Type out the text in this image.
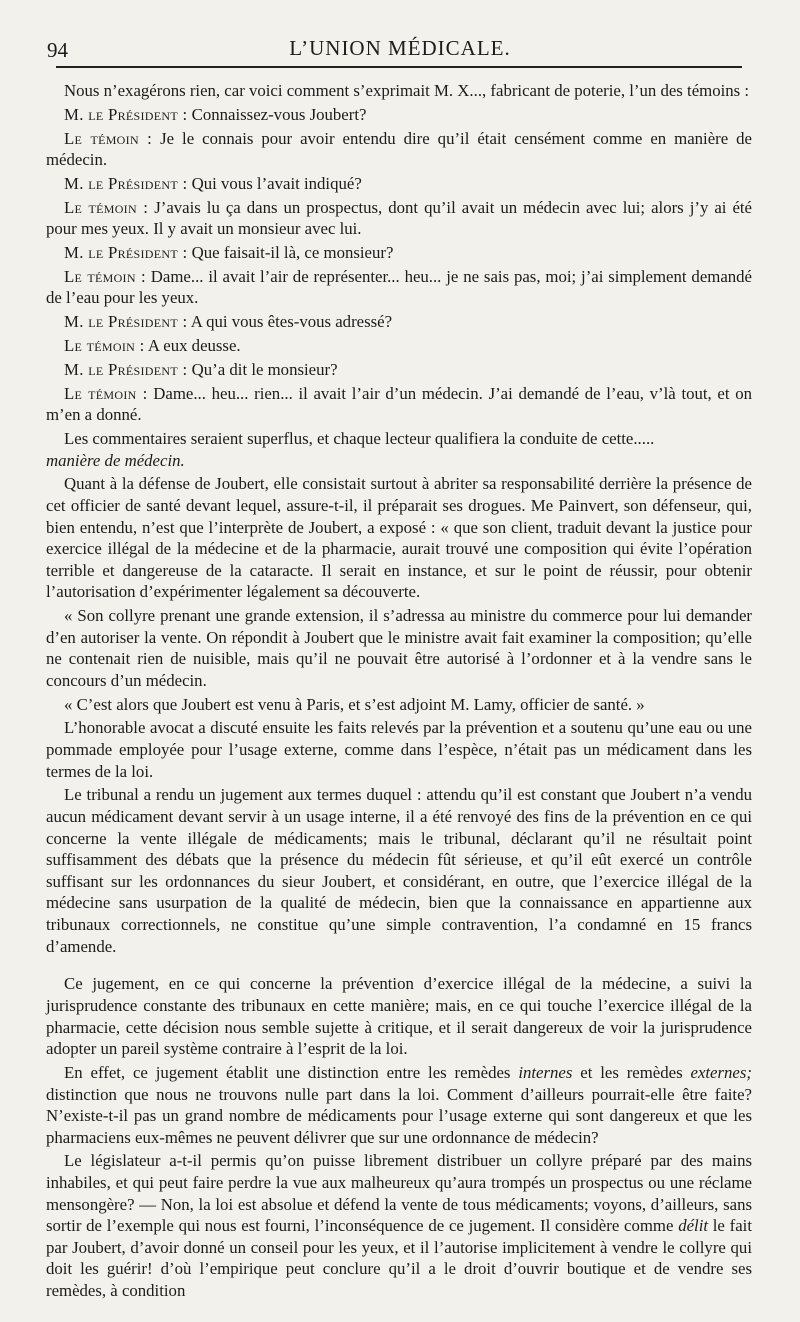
94	L’UNION MÉDICALE.

Nous n’exagérons rien, car voici comment s’exprimait M. X..., fabricant de poterie, l’un des témoins :

M. le Président : Connaissez-vous Joubert?

Le témoin : Je le connais pour avoir entendu dire qu’il était censément comme en manière de médecin.

M. le Président : Qui vous l’avait indiqué?

Le témoin : J’avais lu ça dans un prospectus, dont qu’il avait un médecin avec lui; alors j’y ai été pour mes yeux. Il y avait un monsieur avec lui.

M. le Président : Que faisait-il là, ce monsieur?

Le témoin : Dame... il avait l’air de représenter... heu... je ne sais pas, moi; j’ai simplement demandé de l’eau pour les yeux.

M. le Président : A qui vous êtes-vous adressé?

Le témoin : A eux deusse.

M. le Président : Qu’a dit le monsieur?

Le témoin : Dame... heu... rien... il avait l’air d’un médecin. J’ai demandé de l’eau, v’là tout, et on m’en a donné.

Les commentaires seraient superflus, et chaque lecteur qualifiera la conduite de cette.....
manière de médecin.

Quant à la défense de Joubert, elle consistait surtout à abriter sa responsabilité derrière la présence de cet officier de santé devant lequel, assure-t-il, il préparait ses drogues. Me Painvert, son défenseur, qui, bien entendu, n’est que l’interprète de Joubert, a exposé : « que son client, traduit devant la justice pour exercice illégal de la médecine et de la pharmacie, aurait trouvé une composition qui évite l’opération terrible et dangereuse de la cataracte. Il serait en instance, et sur le point de réussir, pour obtenir l’autorisation d’expérimenter légalement sa découverte.

« Son collyre prenant une grande extension, il s’adressa au ministre du commerce pour lui demander d’en autoriser la vente. On répondit à Joubert que le ministre avait fait examiner la composition; qu’elle ne contenait rien de nuisible, mais qu’il ne pouvait être autorisé à l’ordonner et à la vendre sans le concours d’un médecin.

« C’est alors que Joubert est venu à Paris, et s’est adjoint M. Lamy, officier de santé. »

L’honorable avocat a discuté ensuite les faits relevés par la prévention et a soutenu qu’une eau ou une pommade employée pour l’usage externe, comme dans l’espèce, n’était pas un médicament dans les termes de la loi.

Le tribunal a rendu un jugement aux termes duquel : attendu qu’il est constant que Joubert n’a vendu aucun médicament devant servir à un usage interne, il a été renvoyé des fins de la prévention en ce qui concerne la vente illégale de médicaments; mais le tribunal, déclarant qu’il ne résultait point suffisamment des débats que la présence du médecin fût sérieuse, et qu’il eût exercé un contrôle suffisant sur les ordonnances du sieur Joubert, et considérant, en outre, que l’exercice illégal de la médecine sans usurpation de la qualité de médecin, bien que la connaissance en appartienne aux tribunaux correctionnels, ne constitue qu’une simple contravention, l’a condamné en 15 francs d’amende.

Ce jugement, en ce qui concerne la prévention d’exercice illégal de la médecine, a suivi la jurisprudence constante des tribunaux en cette manière; mais, en ce qui touche l’exercice illégal de la pharmacie, cette décision nous semble sujette à critique, et il serait dangereux de voir la jurisprudence adopter un pareil système contraire à l’esprit de la loi.

En effet, ce jugement établit une distinction entre les remèdes internes et les remèdes externes; distinction que nous ne trouvons nulle part dans la loi. Comment d’ailleurs pourrait-elle être faite? N’existe-t-il pas un grand nombre de médicaments pour l’usage externe qui sont dangereux et que les pharmaciens eux-mêmes ne peuvent délivrer que sur une ordonnance de médecin?

Le législateur a-t-il permis qu’on puisse librement distribuer un collyre préparé par des mains inhabiles, et qui peut faire perdre la vue aux malheureux qu’aura trompés un prospectus ou une réclame mensongère? — Non, la loi est absolue et défend la vente de tous médicaments; voyons, d’ailleurs, sans sortir de l’exemple qui nous est fourni, l’inconséquence de ce jugement. Il considère comme délit le fait par Joubert, d’avoir donné un conseil pour les yeux, et il l’autorise implicitement à vendre le collyre qui doit les guérir! d’où l’empirique peut conclure qu’il a le droit d’ouvrir boutique et de vendre ses remèdes, à condition
